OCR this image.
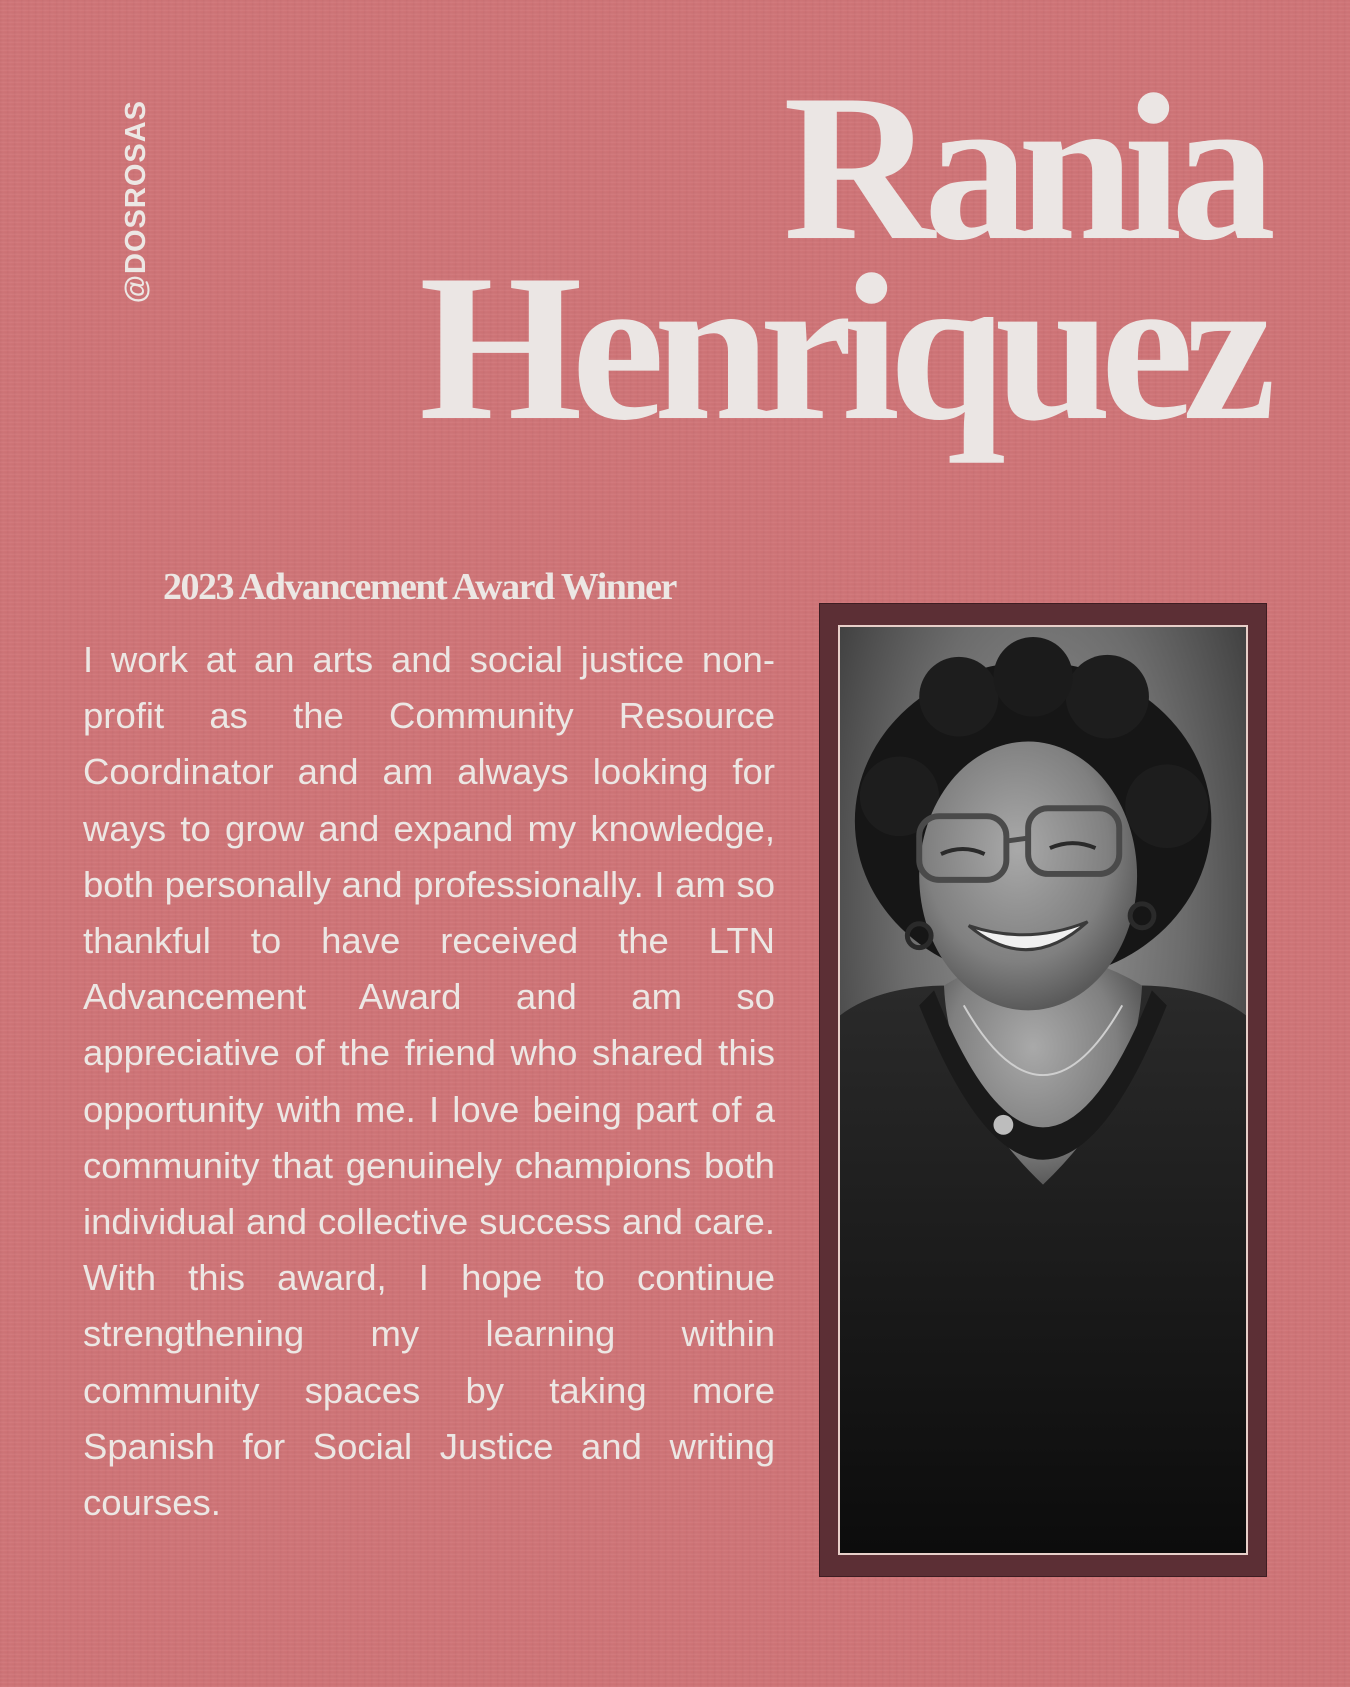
@DOSROSAS	Rania
Henriquez
2023 Advancement Award Winner

I work at an arts and social justice non-profit as the Community Resource Coordinator and am always looking for ways to grow and expand my knowledge, both personally and professionally. I am so thankful to have received the LTN Advancement Award and am so appreciative of the friend who shared this opportunity with me. I love being part of a community that genuinely champions both individual and collective success and care. With this award, I hope to continue strengthening my learning within community spaces by taking more Spanish for Social Justice and writing courses.
